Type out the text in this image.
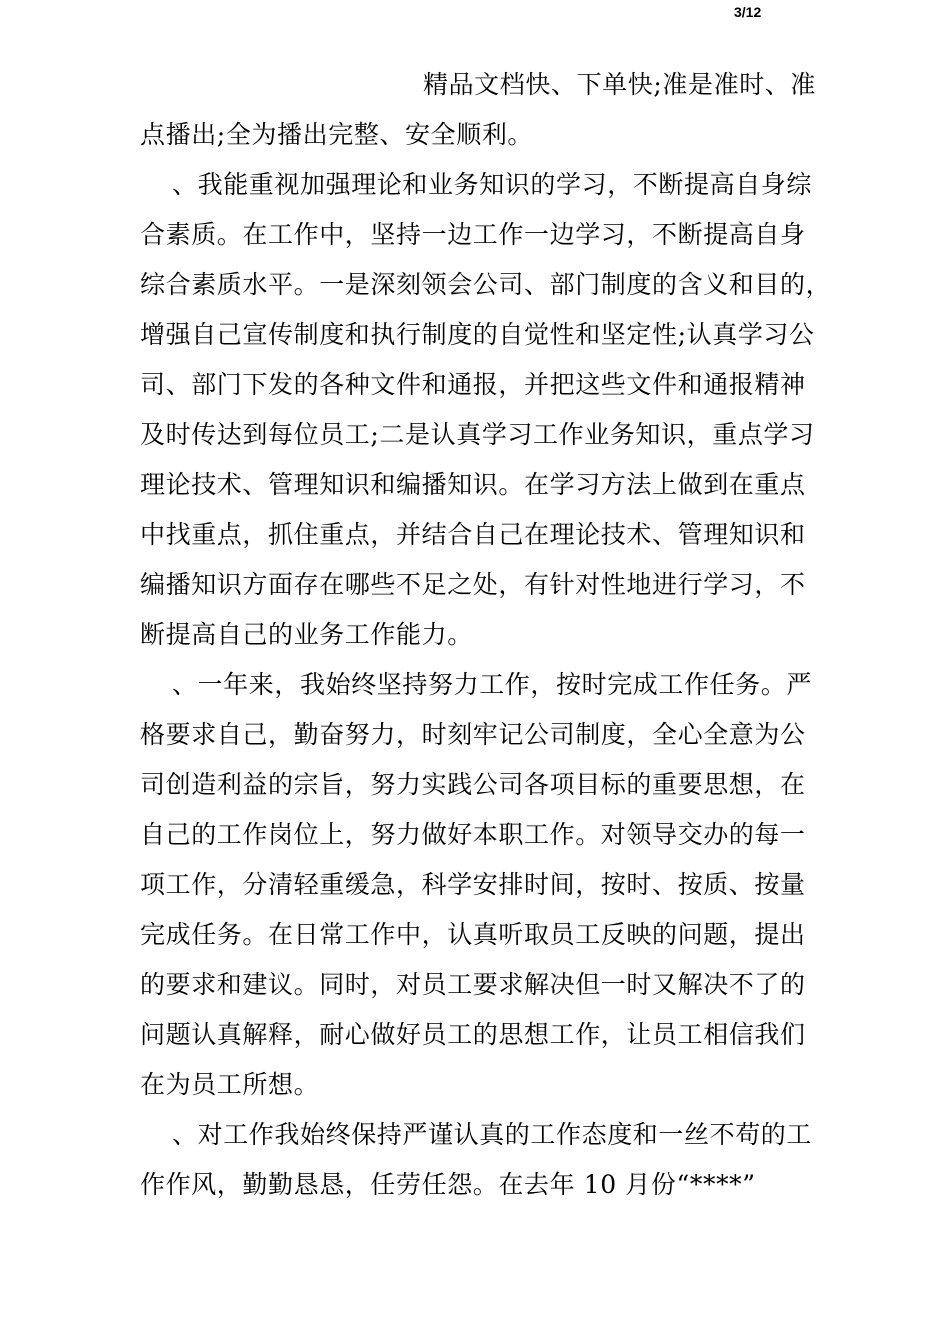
3/12
精品文档快、下单快;准是准时、准
点播出;全为播出完整、安全顺利。
、我能重视加强理论和业务知识的学习，不断提高自身综
合素质。在工作中，坚持一边工作一边学习，不断提高自身
综合素质水平。一是深刻领会公司、部门制度的含义和目的，
增强自己宣传制度和执行制度的自觉性和坚定性;认真学习公
司、部门下发的各种文件和通报，并把这些文件和通报精神
及时传达到每位员工;二是认真学习工作业务知识，重点学习
理论技术、管理知识和编播知识。在学习方法上做到在重点
中找重点，抓住重点，并结合自己在理论技术、管理知识和
编播知识方面存在哪些不足之处，有针对性地进行学习，不
断提高自己的业务工作能力。
、一年来，我始终坚持努力工作，按时完成工作任务。严
格要求自己，勤奋努力，时刻牢记公司制度，全心全意为公
司创造利益的宗旨，努力实践公司各项目标的重要思想，在
自己的工作岗位上，努力做好本职工作。对领导交办的每一
项工作，分清轻重缓急，科学安排时间，按时、按质、按量
完成任务。在日常工作中，认真听取员工反映的问题，提出
的要求和建议。同时，对员工要求解决但一时又解决不了的
问题认真解释，耐心做好员工的思想工作，让员工相信我们
在为员工所想。
、对工作我始终保持严谨认真的工作态度和一丝不苟的工
作作风，勤勤恳恳，任劳任怨。在去年 10 月份“****”
